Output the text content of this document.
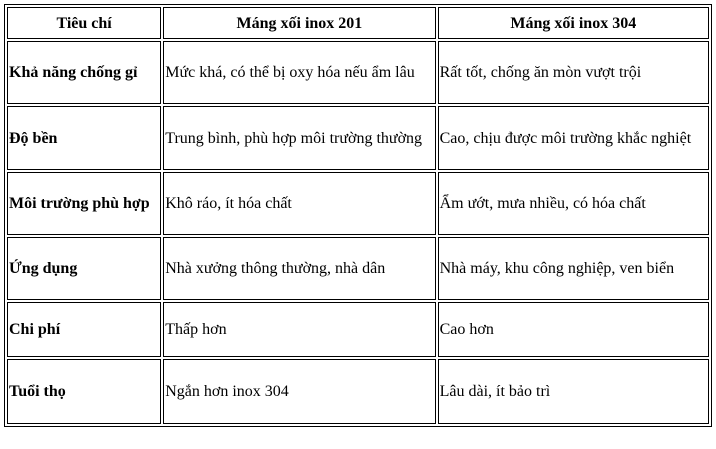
Tiêu chí	Máng xối inox 201	Máng xối inox 304
Khả năng chống gỉ	Mức khá, có thể bị oxy hóa nếu ẩm lâu	Rất tốt, chống ăn mòn vượt trội
Độ bền	Trung bình, phù hợp môi trường thường	Cao, chịu được môi trường khắc nghiệt
Môi trường phù hợp	Khô ráo, ít hóa chất	Ẩm ướt, mưa nhiều, có hóa chất
Ứng dụng	Nhà xưởng thông thường, nhà dân	Nhà máy, khu công nghiệp, ven biển
Chi phí	Thấp hơn	Cao hơn
Tuổi thọ	Ngắn hơn inox 304	Lâu dài, ít bảo trì
